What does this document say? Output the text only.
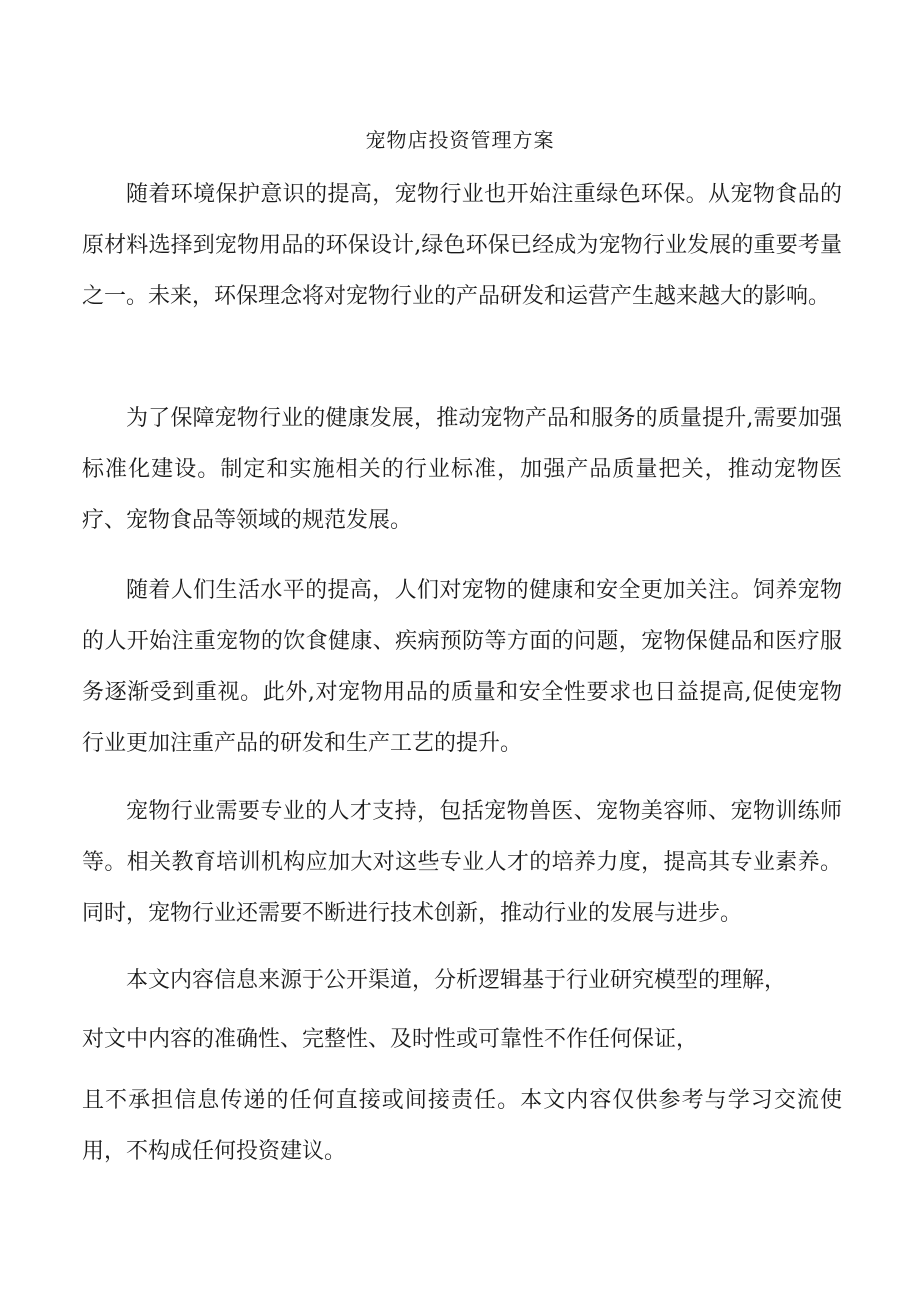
宠物店投资管理方案

随着环境保护意识的提高，宠物行业也开始注重绿色环保。从宠物食品的原材料选择到宠物用品的环保设计,绿色环保已经成为宠物行业发展的重要考量之一。未来，环保理念将对宠物行业的产品研发和运营产生越来越大的影响。

为了保障宠物行业的健康发展，推动宠物产品和服务的质量提升,需要加强标准化建设。制定和实施相关的行业标准，加强产品质量把关，推动宠物医疗、宠物食品等领域的规范发展。

随着人们生活水平的提高，人们对宠物的健康和安全更加关注。饲养宠物的人开始注重宠物的饮食健康、疾病预防等方面的问题，宠物保健品和医疗服务逐渐受到重视。此外,对宠物用品的质量和安全性要求也日益提高,促使宠物行业更加注重产品的研发和生产工艺的提升。

宠物行业需要专业的人才支持，包括宠物兽医、宠物美容师、宠物训练师等。相关教育培训机构应加大对这些专业人才的培养力度，提高其专业素养。同时，宠物行业还需要不断进行技术创新，推动行业的发展与进步。

本文内容信息来源于公开渠道，分析逻辑基于行业研究模型的理解，

对文中内容的准确性、完整性、及时性或可靠性不作任何保证，

且不承担信息传递的任何直接或间接责任。本文内容仅供参考与学习交流使用，不构成任何投资建议。
